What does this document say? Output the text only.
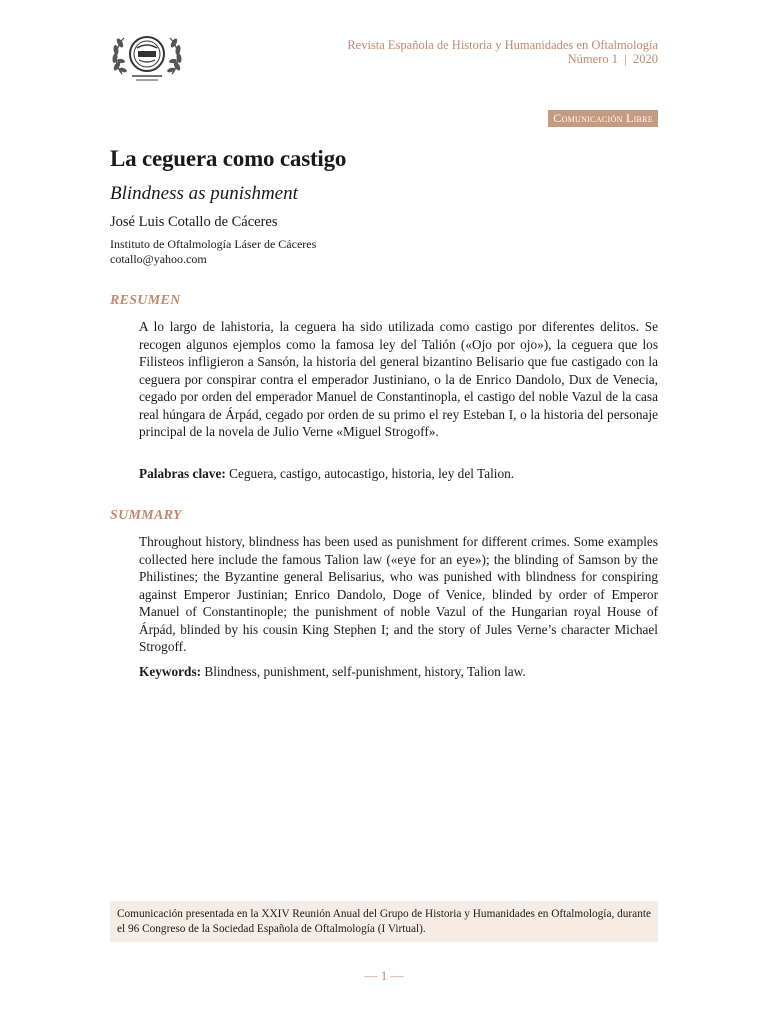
Revista Española de Historia y Humanidades en Oftalmología
Número 1  |  2020
Comunicación Libre
La ceguera como castigo
Blindness as punishment
José Luis Cotallo de Cáceres
Instituto de Oftalmología Láser de Cáceres
cotallo@yahoo.com
RESUMEN

A lo largo de lahistoria, la ceguera ha sido utilizada como castigo por diferentes delitos. Se recogen algunos ejemplos como la famosa ley del Talión («Ojo por ojo»), la ceguera que los Filisteos infligieron a Sansón, la historia del general bizantino Belisario que fue castigado con la ceguera por conspirar contra el emperador Justiniano, o la de Enrico Dandolo, Dux de Venecia, cegado por orden del emperador Manuel de Constantinopla, el castigo del noble Vazul de la casa real húngara de Árpád, cegado por orden de su primo el rey Esteban I, o la historia del personaje principal de la novela de Julio Verne «Miguel Strogoff».

Palabras clave: Ceguera, castigo, autocastigo, historia, ley del Talion.
SUMMARY

Throughout history, blindness has been used as punishment for different crimes. Some examples collected here include the famous Talion law («eye for an eye»); the blinding of Samson by the Philistines; the Byzantine general Belisarius, who was punished with blindness for conspiring against Emperor Justinian; Enrico Dandolo, Doge of Venice, blinded by order of Emperor Manuel of Constantinople; the punishment of noble Vazul of the Hungarian royal House of Árpád, blinded by his cousin King Stephen I; and the story of Jules Verne’s character Michael Strogoff.

Keywords: Blindness, punishment, self-punishment, history, Talion law.
Comunicación presentada en la XXIV Reunión Anual del Grupo de Historia y Humanidades en Oftalmología, durante el 96 Congreso de la Sociedad Española de Oftalmología (I Virtual).
— 1 —
